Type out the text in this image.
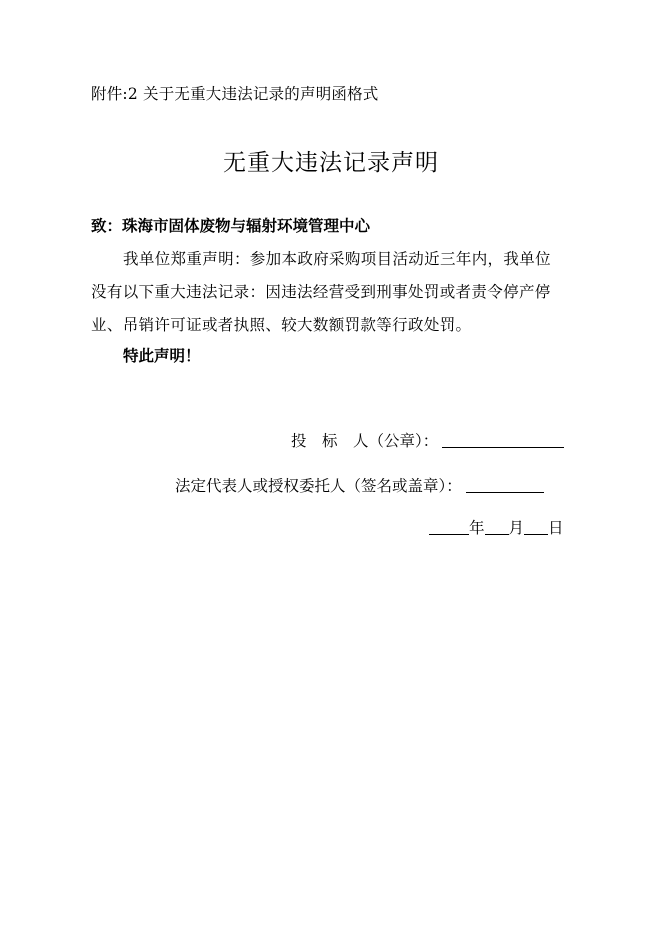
附件:2 关于无重大违法记录的声明函格式
无重大违法记录声明
致：珠海市固体废物与辐射环境管理中心
我单位郑重声明：参加本政府采购项目活动近三年内，我单位
没有以下重大违法记录：因违法经营受到刑事处罚或者责令停产停
业、吊销许可证或者执照、较大数额罚款等行政处罚。
特此声明！
投　标　人（公章）：
法定代表人或授权委托人（签名或盖章）：
年 月 日
